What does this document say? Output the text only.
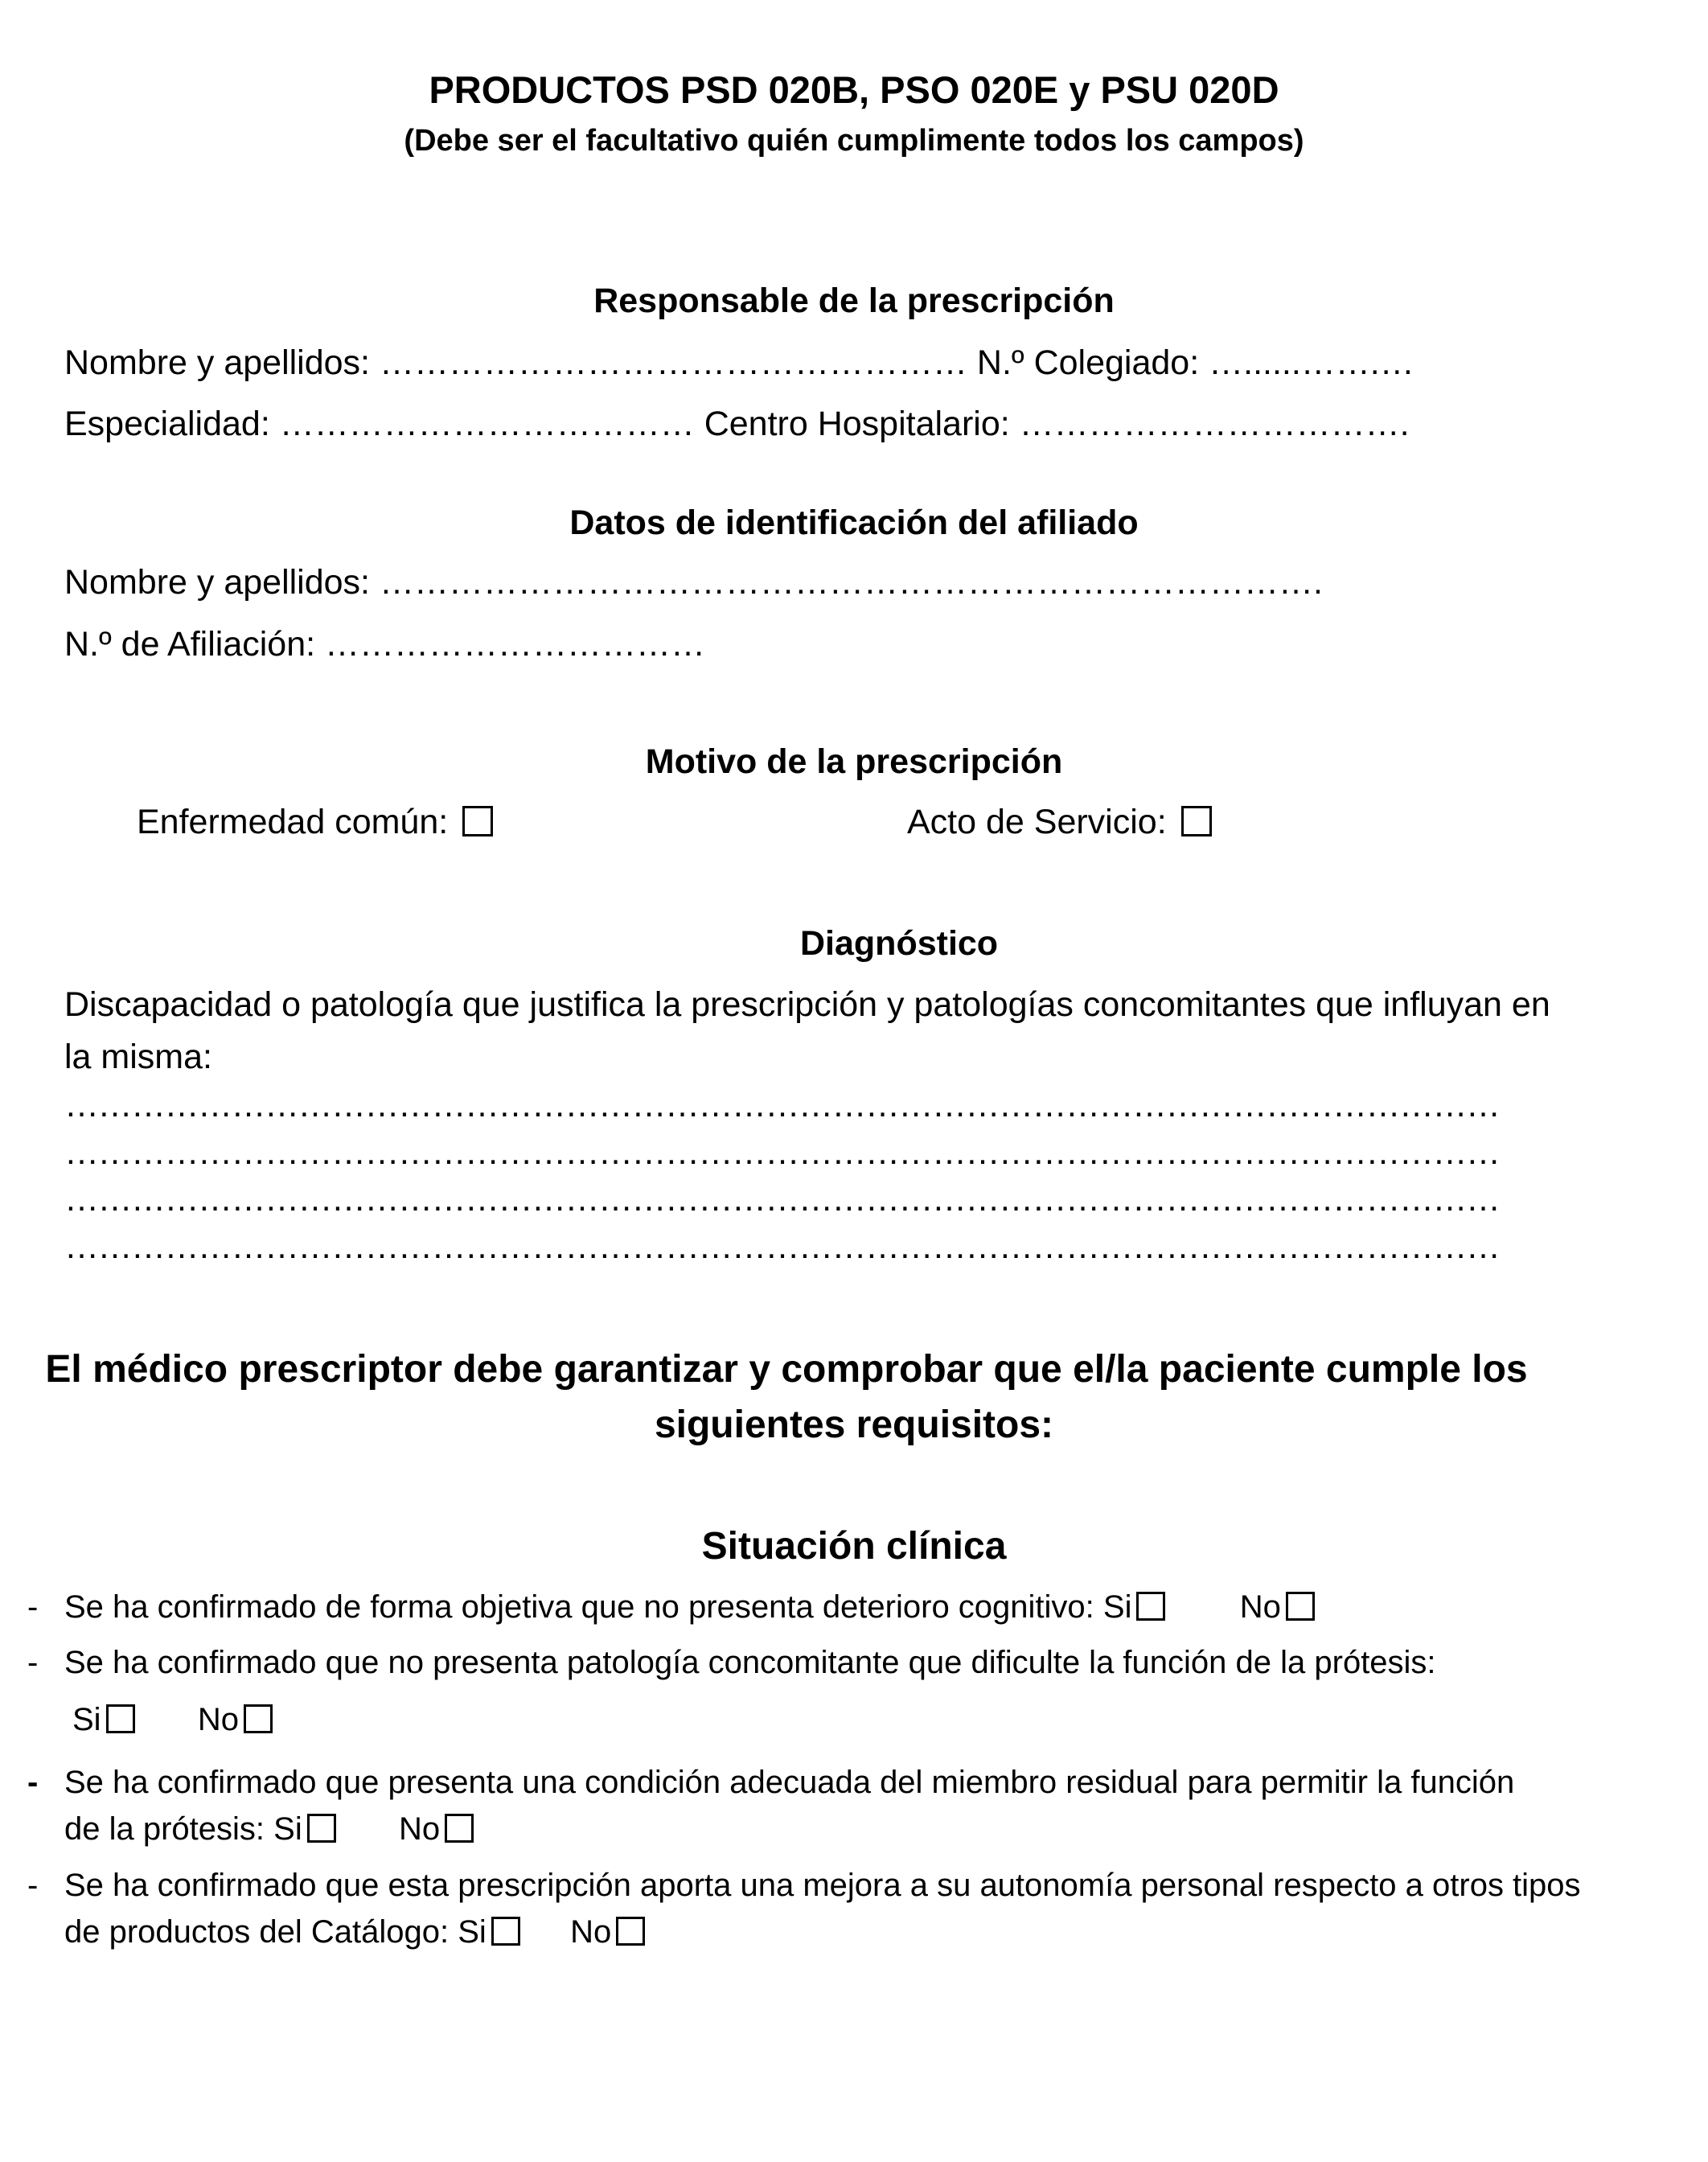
PRODUCTOS PSD 020B, PSO 020E y PSU 020D
(Debe ser el facultativo quién cumplimente todos los campos)
Responsable de la prescripción
Nombre y apellidos: …………………………………………… N.º Colegiado: …......…….…
Especialidad: ……………………………… Centro Hospitalario: …………………………….
Datos de identificación del afiliado
Nombre y apellidos: ……………………………………………………………………….
N.º de Afiliación: ……………………………
Motivo de la prescripción
Enfermedad común:	Acto de Servicio:
Diagnóstico
Discapacidad o patología que justifica la prescripción y patologías concomitantes que influyan en
la misma:
…………………………………………………………………………………………………………………
…………………………………………………………………………………………………………………
…………………………………………………………………………………………………………………
…………………………………………………………………………………………………………………
El médico prescriptor debe garantizar y comprobar que el/la paciente cumple los
siguientes requisitos:
Situación clínica
- Se ha confirmado de forma objetiva que no presenta deterioro cognitivo: Si	No
- Se ha confirmado que no presenta patología concomitante que dificulte la función de la prótesis:
Si	No
- Se ha confirmado que presenta una condición adecuada del miembro residual para permitir la función
de la prótesis: Si	No
- Se ha confirmado que esta prescripción aporta una mejora a su autonomía personal respecto a otros tipos
de productos del Catálogo: Si	No
